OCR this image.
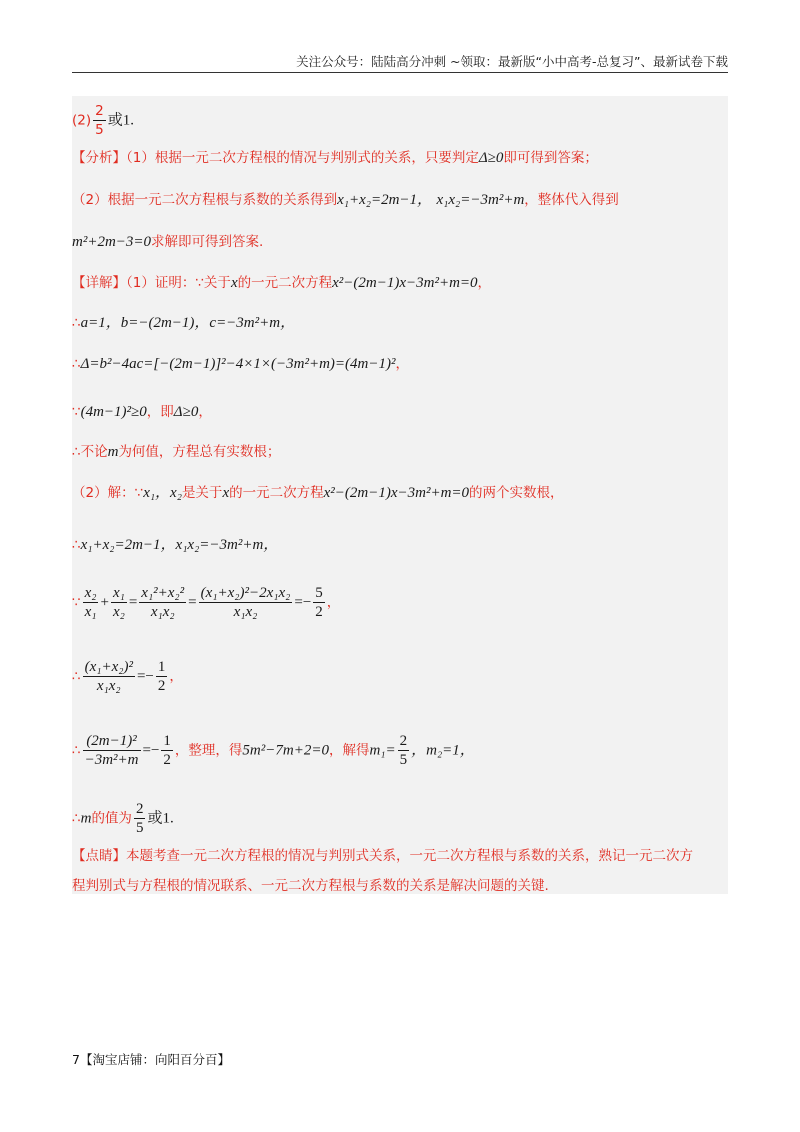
关注公众号：陆陆高分冲刺 ~领取：最新版“小中高考-总复习”、最新试卷下载
$(2) \frac{2}{5}$ 或1.
【分析】（1）根据一元二次方程根的情况与判别式的关系，只要判定Δ≥0即可得到答案；
（2）根据一元二次方程根与系数的关系得到x₁+x₂=2m−1， x₁x₂=−3m²+m，整体代入得到
m²+2m−3=0求解即可得到答案.
【详解】（1）证明：∵关于x的一元二次方程x²−(2m−1)x−3m²+m=0，
∴a=1，b=−(2m−1)，c=−3m²+m，
∴Δ=b²−4ac=[−(2m−1)]²−4×1×(−3m²+m)=(4m−1)²，
∵(4m−1)²≥0，即Δ≥0，
∴不论m为何值，方程总有实数根；
（2）解：∵x₁，x₂是关于x的一元二次方程x²−(2m−1)x−3m²+m=0的两个实数根，
∴x₁+x₂=2m−1，x₁x₂=−3m²+m，
∵ $\frac{\text{x₂}}{\text{x₁}} + \frac{\text{x₁}}{\text{x₂}} = \frac{\text{x₁²+x₂²}}{\text{x₁x₂}} = \frac{\text{(x₁+x₂)²−2x₁x₂}}{\text{x₁x₂}} =- \frac{5}{2}$ ，
∴ $\frac{\text{(x₁+x₂)²}}{\text{x₁x₂}} =- \frac{1}{2}$ ，
∴ $\frac{\text{(2m−1)²}}{\text{−3m²+m}} =- \frac{1}{2}$ ，整理，得5m²−7m+2=0，解得$m_1= \frac{2}{5}$ ，m₂=1，
∴m的值为 $\frac{2}{5}$ 或1.
【点睛】本题考查一元二次方程根的情况与判别式关系，一元二次方程根与系数的关系，熟记一元二次方
程判别式与方程根的情况联系、一元二次方程根与系数的关系是解决问题的关键.
7【淘宝店铺：向阳百分百】
